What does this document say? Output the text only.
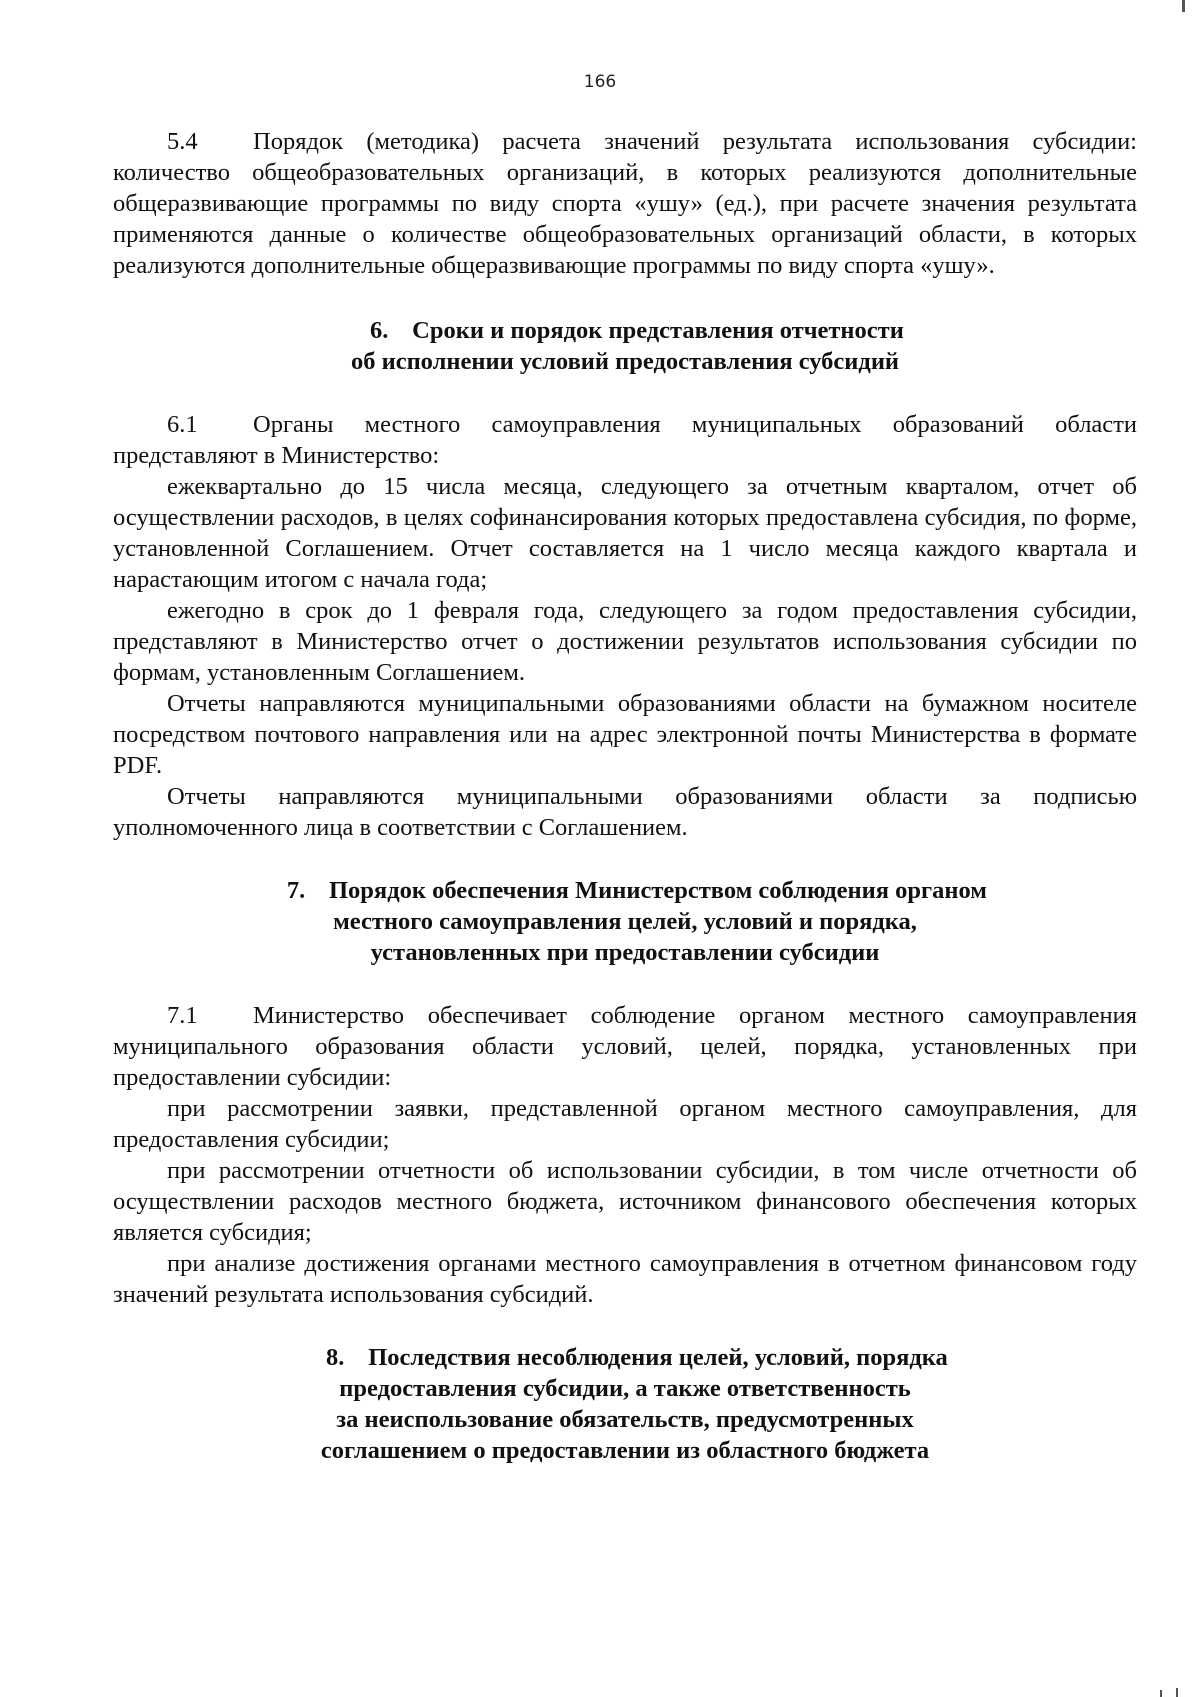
166

5.4 Порядок (методика) расчета значений результата использования субсидии: количество общеобразовательных организаций, в которых реализуются дополнительные общеразвивающие программы по виду спорта «ушу» (ед.), при расчете значения результата применяются данные о количестве общеобразовательных организаций области, в которых реализуются дополнительные общеразвивающие программы по виду спорта «ушу».

6. Сроки и порядок представления отчетности
об исполнении условий предоставления субсидий

6.1 Органы местного самоуправления муниципальных образований области представляют в Министерство:

ежеквартально до 15 числа месяца, следующего за отчетным кварталом, отчет об осуществлении расходов, в целях софинансирования которых предоставлена субсидия, по форме, установленной Соглашением. Отчет составляется на 1 число месяца каждого квартала и нарастающим итогом с начала года;

ежегодно в срок до 1 февраля года, следующего за годом предоставления субсидии, представляют в Министерство отчет о достижении результатов использования субсидии по формам, установленным Соглашением.

Отчеты направляются муниципальными образованиями области на бумажном носителе посредством почтового направления или на адрес электронной почты Министерства в формате PDF.

Отчеты направляются муниципальными образованиями области за подписью уполномоченного лица в соответствии с Соглашением.

7. Порядок обеспечения Министерством соблюдения органом
местного самоуправления целей, условий и порядка,
установленных при предоставлении субсидии

7.1 Министерство обеспечивает соблюдение органом местного самоуправления муниципального образования области условий, целей, порядка, установленных при предоставлении субсидии:

при рассмотрении заявки, представленной органом местного самоуправления, для предоставления субсидии;

при рассмотрении отчетности об использовании субсидии, в том числе отчетности об осуществлении расходов местного бюджета, источником финансового обеспечения которых является субсидия;

при анализе достижения органами местного самоуправления в отчетном финансовом году значений результата использования субсидий.

8. Последствия несоблюдения целей, условий, порядка
предоставления субсидии, а также ответственность
за неиспользование обязательств, предусмотренных
соглашением о предоставлении из областного бюджета
